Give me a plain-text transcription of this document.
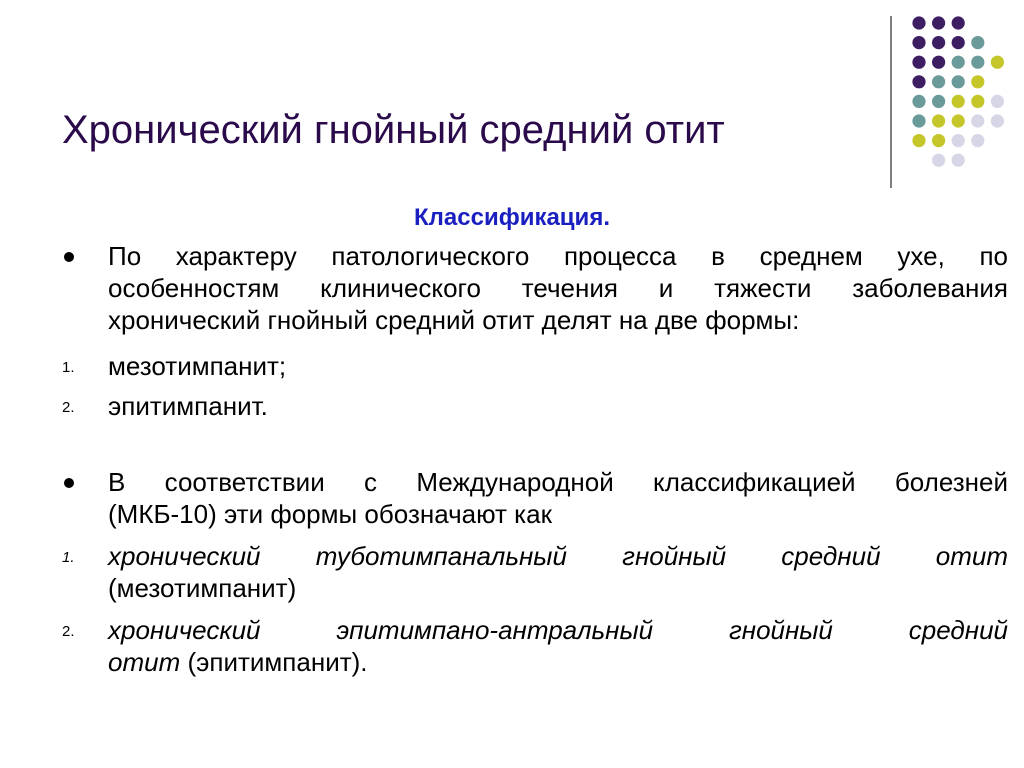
Хронический гнойный средний отит
Классификация.
По характеру патологического процесса в среднем ухе, по
особенностям клинического течения и тяжести заболевания
хронический гнойный средний отит делят на две формы:
1. мезотимпанит;
2. эпитимпанит.
В соответствии с Международной классификацией болезней
(МКБ-10) эти формы обозначают как
1. хронический туботимпанальный гнойный средний отит
(мезотимпанит)
2. хронический эпитимпано-антральный гнойный средний
отит (эпитимпанит).
